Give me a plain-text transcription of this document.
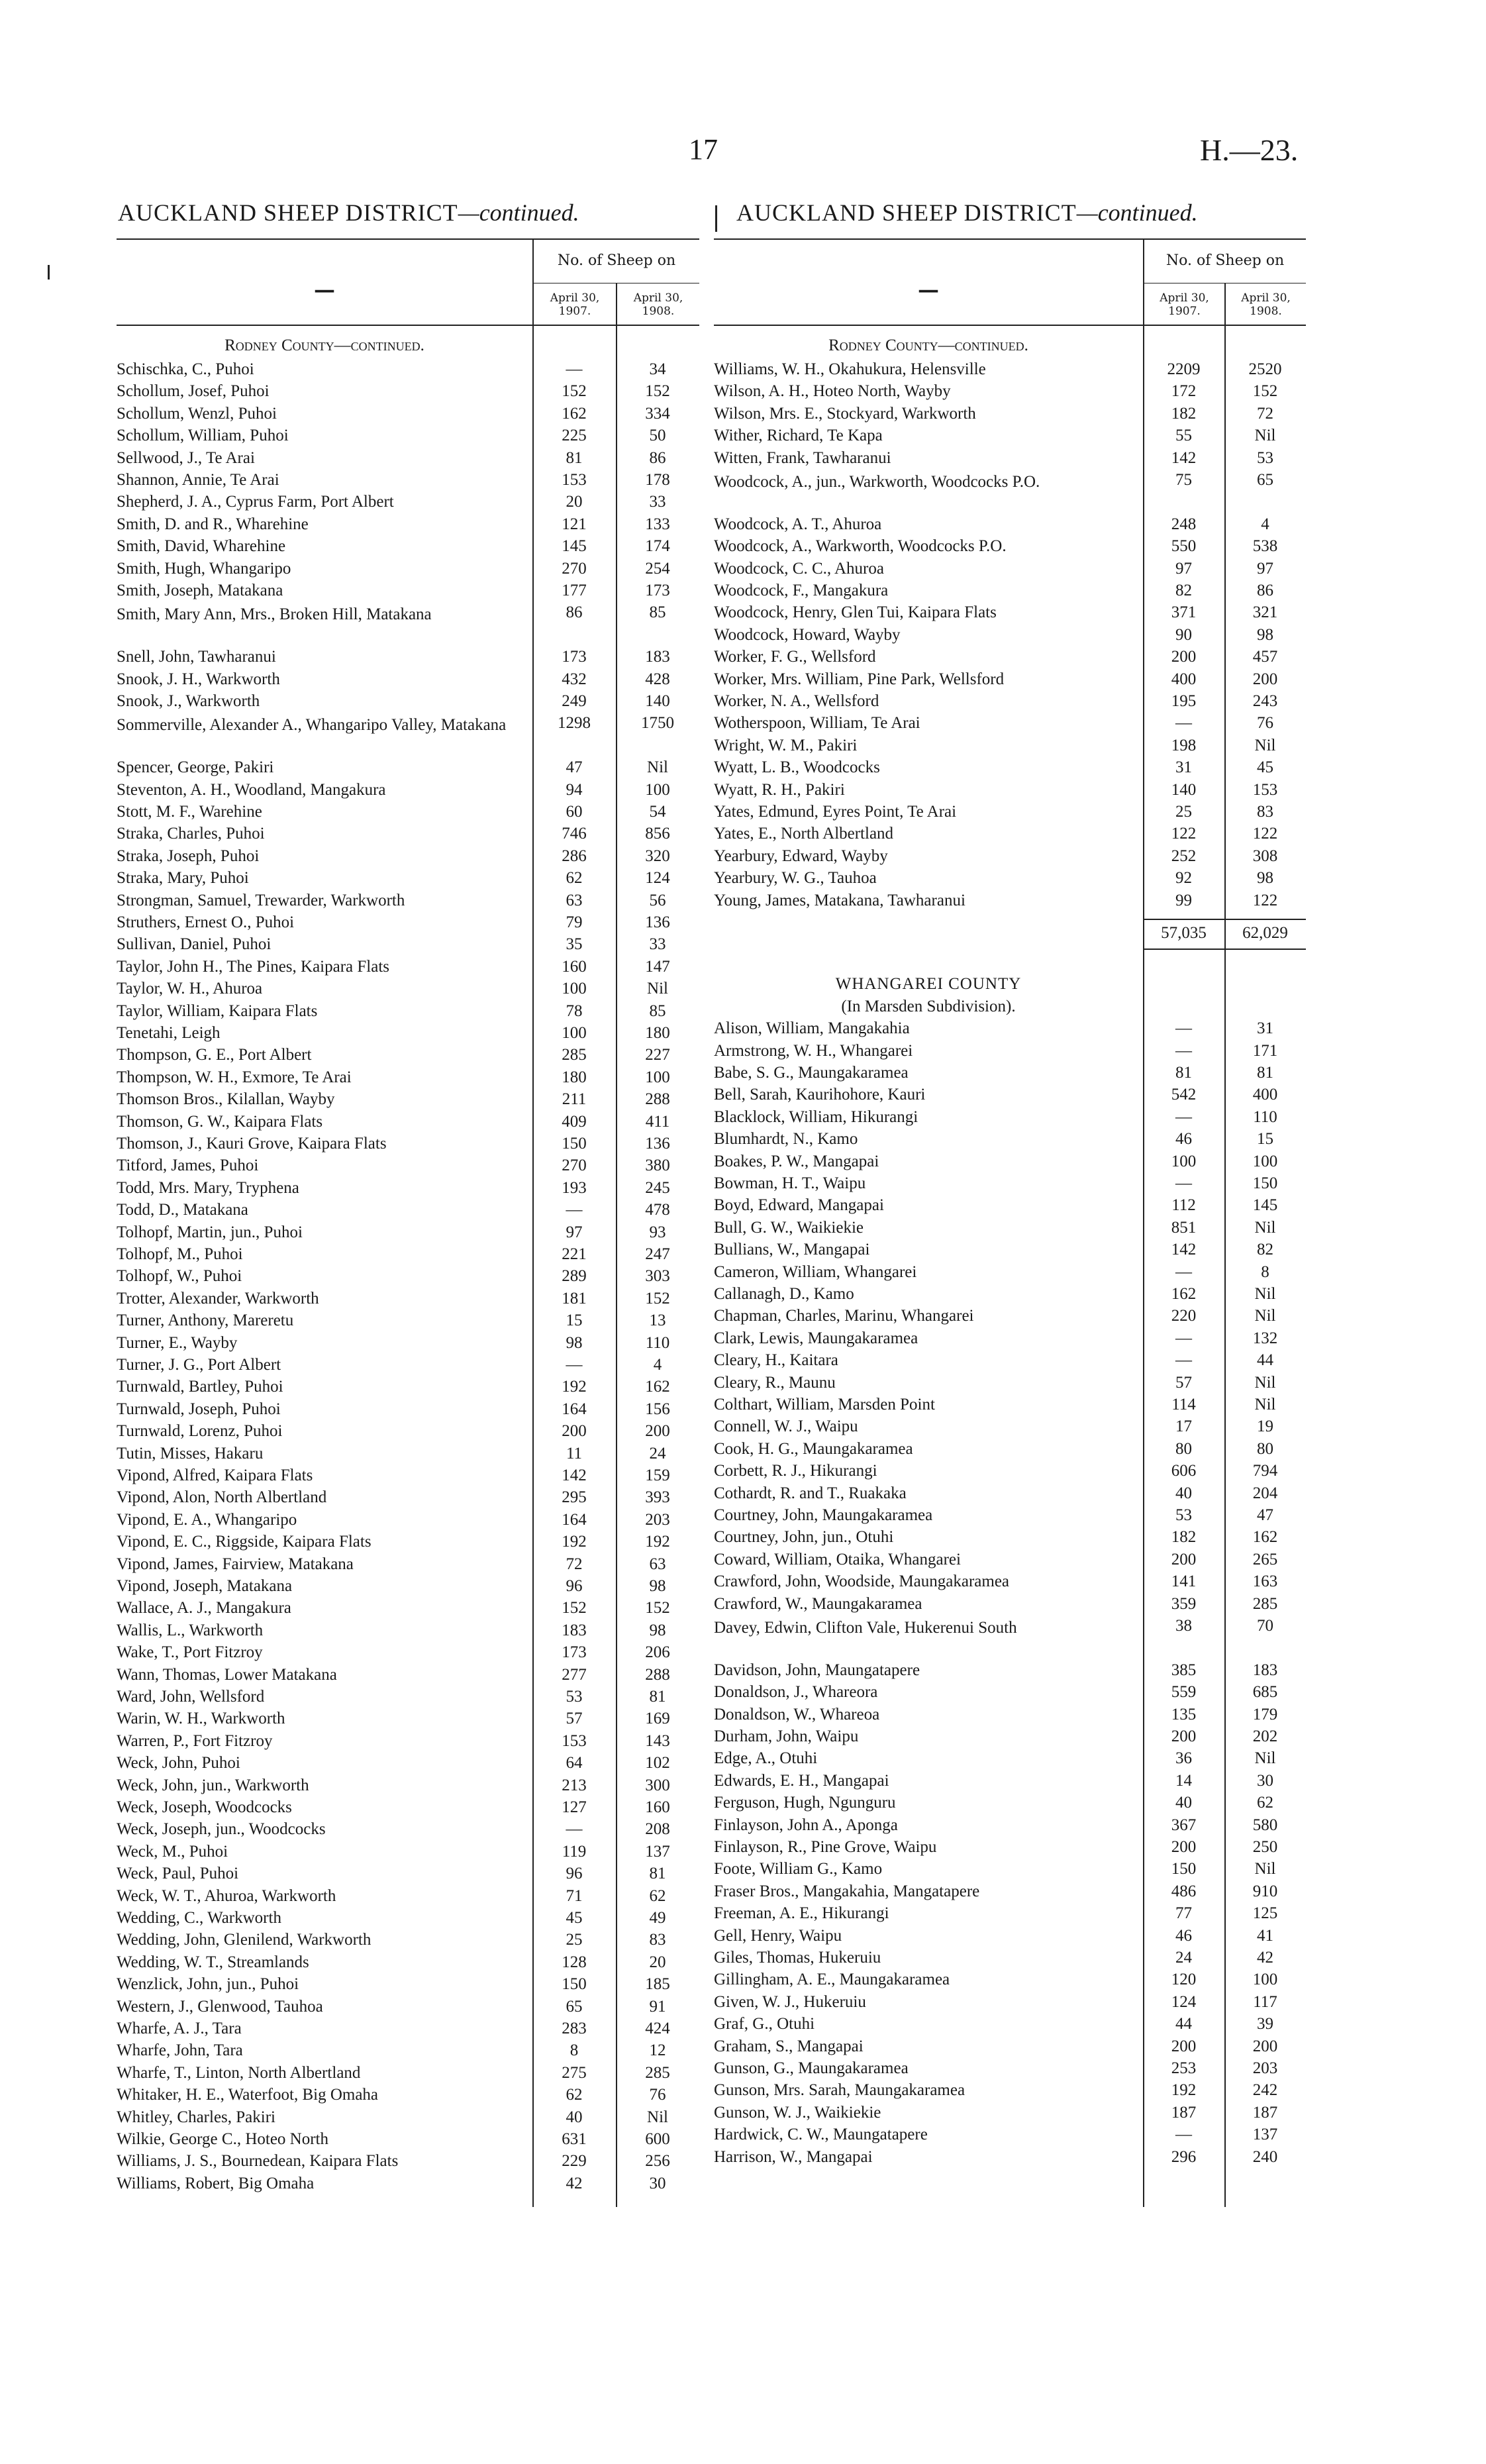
17	H.—23.
AUCKLAND SHEEP DISTRICT—continued.	AUCKLAND SHEEP DISTRICT—continued.
—
No. of Sheep on
April 30,
1907.
April 30,
1908.
Rodney County—continued.
Schischka, C., Puhoi	—	34
Schollum, Josef, Puhoi	152	152
Schollum, Wenzl, Puhoi	162	334
Schollum, William, Puhoi	225	50
Sellwood, J., Te Arai	81	86
Shannon, Annie, Te Arai	153	178
Shepherd, J. A., Cyprus Farm, Port Albert	20	33
Smith, D. and R., Wharehine	121	133
Smith, David, Wharehine	145	174
Smith, Hugh, Whangaripo	270	254
Smith, Joseph, Matakana	177	173
Smith, Mary Ann, Mrs., Broken Hill, Matakana	86	85
Snell, John, Tawharanui	173	183
Snook, J. H., Warkworth	432	428
Snook, J., Warkworth	249	140
Sommerville, Alexander A., Whangaripo Valley, Matakana	1298	1750
Spencer, George, Pakiri	47	Nil
Steventon, A. H., Woodland, Mangakura	94	100
Stott, M. F., Warehine	60	54
Straka, Charles, Puhoi	746	856
Straka, Joseph, Puhoi	286	320
Straka, Mary, Puhoi	62	124
Strongman, Samuel, Trewarder, Warkworth	63	56
Struthers, Ernest O., Puhoi	79	136
Sullivan, Daniel, Puhoi	35	33
Taylor, John H., The Pines, Kaipara Flats	160	147
Taylor, W. H., Ahuroa	100	Nil
Taylor, William, Kaipara Flats	78	85
Tenetahi, Leigh	100	180
Thompson, G. E., Port Albert	285	227
Thompson, W. H., Exmore, Te Arai	180	100
Thomson Bros., Kilallan, Wayby	211	288
Thomson, G. W., Kaipara Flats	409	411
Thomson, J., Kauri Grove, Kaipara Flats	150	136
Titford, James, Puhoi	270	380
Todd, Mrs. Mary, Tryphena	193	245
Todd, D., Matakana	—	478
Tolhopf, Martin, jun., Puhoi	97	93
Tolhopf, M., Puhoi	221	247
Tolhopf, W., Puhoi	289	303
Trotter, Alexander, Warkworth	181	152
Turner, Anthony, Mareretu	15	13
Turner, E., Wayby	98	110
Turner, J. G., Port Albert	—	4
Turnwald, Bartley, Puhoi	192	162
Turnwald, Joseph, Puhoi	164	156
Turnwald, Lorenz, Puhoi	200	200
Tutin, Misses, Hakaru	11	24
Vipond, Alfred, Kaipara Flats	142	159
Vipond, Alon, North Albertland	295	393
Vipond, E. A., Whangaripo	164	203
Vipond, E. C., Riggside, Kaipara Flats	192	192
Vipond, James, Fairview, Matakana	72	63
Vipond, Joseph, Matakana	96	98
Wallace, A. J., Mangakura	152	152
Wallis, L., Warkworth	183	98
Wake, T., Port Fitzroy	173	206
Wann, Thomas, Lower Matakana	277	288
Ward, John, Wellsford	53	81
Warin, W. H., Warkworth	57	169
Warren, P., Fort Fitzroy	153	143
Weck, John, Puhoi	64	102
Weck, John, jun., Warkworth	213	300
Weck, Joseph, Woodcocks	127	160
Weck, Joseph, jun., Woodcocks	—	208
Weck, M., Puhoi	119	137
Weck, Paul, Puhoi	96	81
Weck, W. T., Ahuroa, Warkworth	71	62
Wedding, C., Warkworth	45	49
Wedding, John, Glenilend, Warkworth	25	83
Wedding, W. T., Streamlands	128	20
Wenzlick, John, jun., Puhoi	150	185
Western, J., Glenwood, Tauhoa	65	91
Wharfe, A. J., Tara	283	424
Wharfe, John, Tara	8	12
Wharfe, T., Linton, North Albertland	275	285
Whitaker, H. E., Waterfoot, Big Omaha	62	76
Whitley, Charles, Pakiri	40	Nil
Wilkie, George C., Hoteo North	631	600
Williams, J. S., Bournedean, Kaipara Flats	229	256
Williams, Robert, Big Omaha	42	30
—
No. of Sheep on
April 30,
1907.
April 30,
1908.
Rodney County—continued.
Williams, W. H., Okahukura, Helensville	2209	2520
Wilson, A. H., Hoteo North, Wayby	172	152
Wilson, Mrs. E., Stockyard, Warkworth	182	72
Wither, Richard, Te Kapa	55	Nil
Witten, Frank, Tawharanui	142	53
Woodcock, A., jun., Warkworth, Woodcocks P.O.	75	65
Woodcock, A. T., Ahuroa	248	4
Woodcock, A., Warkworth, Woodcocks P.O.	550	538
Woodcock, C. C., Ahuroa	97	97
Woodcock, F., Mangakura	82	86
Woodcock, Henry, Glen Tui, Kaipara Flats	371	321
Woodcock, Howard, Wayby	90	98
Worker, F. G., Wellsford	200	457
Worker, Mrs. William, Pine Park, Wellsford	400	200
Worker, N. A., Wellsford	195	243
Wotherspoon, William, Te Arai	—	76
Wright, W. M., Pakiri	198	Nil
Wyatt, L. B., Woodcocks	31	45
Wyatt, R. H., Pakiri	140	153
Yates, Edmund, Eyres Point, Te Arai	25	83
Yates, E., North Albertland	122	122
Yearbury, Edward, Wayby	252	308
Yearbury, W. G., Tauhoa	92	98
Young, James, Matakana, Tawharanui	99	122
57,035	62,029
WHANGAREI COUNTY
(In Marsden Subdivision).
Alison, William, Mangakahia	—	31
Armstrong, W. H., Whangarei	—	171
Babe, S. G., Maungakaramea	81	81
Bell, Sarah, Kaurihohore, Kauri	542	400
Blacklock, William, Hikurangi	—	110
Blumhardt, N., Kamo	46	15
Boakes, P. W., Mangapai	100	100
Bowman, H. T., Waipu	—	150
Boyd, Edward, Mangapai	112	145
Bull, G. W., Waikiekie	851	Nil
Bullians, W., Mangapai	142	82
Cameron, William, Whangarei	—	8
Callanagh, D., Kamo	162	Nil
Chapman, Charles, Marinu, Whangarei	220	Nil
Clark, Lewis, Maungakaramea	—	132
Cleary, H., Kaitara	—	44
Cleary, R., Maunu	57	Nil
Colthart, William, Marsden Point	114	Nil
Connell, W. J., Waipu	17	19
Cook, H. G., Maungakaramea	80	80
Corbett, R. J., Hikurangi	606	794
Cothardt, R. and T., Ruakaka	40	204
Courtney, John, Maungakaramea	53	47
Courtney, John, jun., Otuhi	182	162
Coward, William, Otaika, Whangarei	200	265
Crawford, John, Woodside, Maungakaramea	141	163
Crawford, W., Maungakaramea	359	285
Davey, Edwin, Clifton Vale, Hukerenui South	38	70
Davidson, John, Maungatapere	385	183
Donaldson, J., Whareora	559	685
Donaldson, W., Whareoa	135	179
Durham, John, Waipu	200	202
Edge, A., Otuhi	36	Nil
Edwards, E. H., Mangapai	14	30
Ferguson, Hugh, Ngunguru	40	62
Finlayson, John A., Aponga	367	580
Finlayson, R., Pine Grove, Waipu	200	250
Foote, William G., Kamo	150	Nil
Fraser Bros., Mangakahia, Mangatapere	486	910
Freeman, A. E., Hikurangi	77	125
Gell, Henry, Waipu	46	41
Giles, Thomas, Hukeruiu	24	42
Gillingham, A. E., Maungakaramea	120	100
Given, W. J., Hukeruiu	124	117
Graf, G., Otuhi	44	39
Graham, S., Mangapai	200	200
Gunson, G., Maungakaramea	253	203
Gunson, Mrs. Sarah, Maungakaramea	192	242
Gunson, W. J., Waikiekie	187	187
Hardwick, C. W., Maungatapere	—	137
Harrison, W., Mangapai	296	240
